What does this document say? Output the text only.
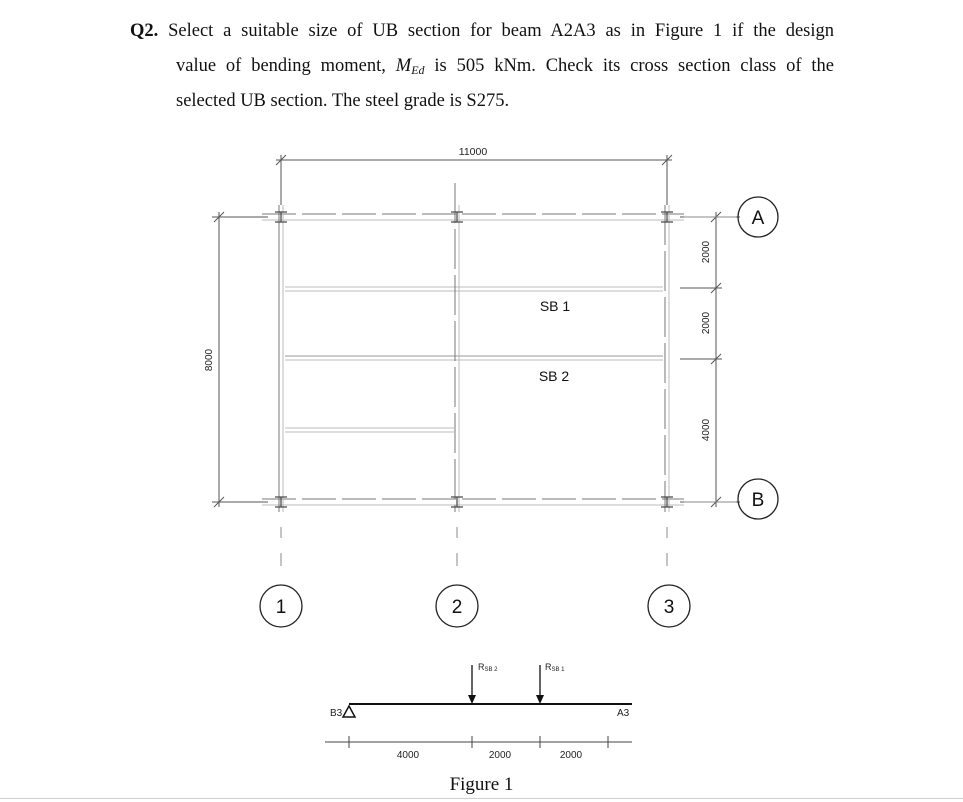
Q2. Select a suitable size of UB section for beam A2A3 as in Figure 1 if the design
value of bending moment, $M_{Ed}$ is 505 kNm. Check its cross section class of the
selected UB section. The steel grade is S275.
11000
8000
2000
2000
4000
SB 1
SB 2
A
B
1	2	3
B3	A3
RSB 2	RSB 1
4000	2000	2000
Figure 1
